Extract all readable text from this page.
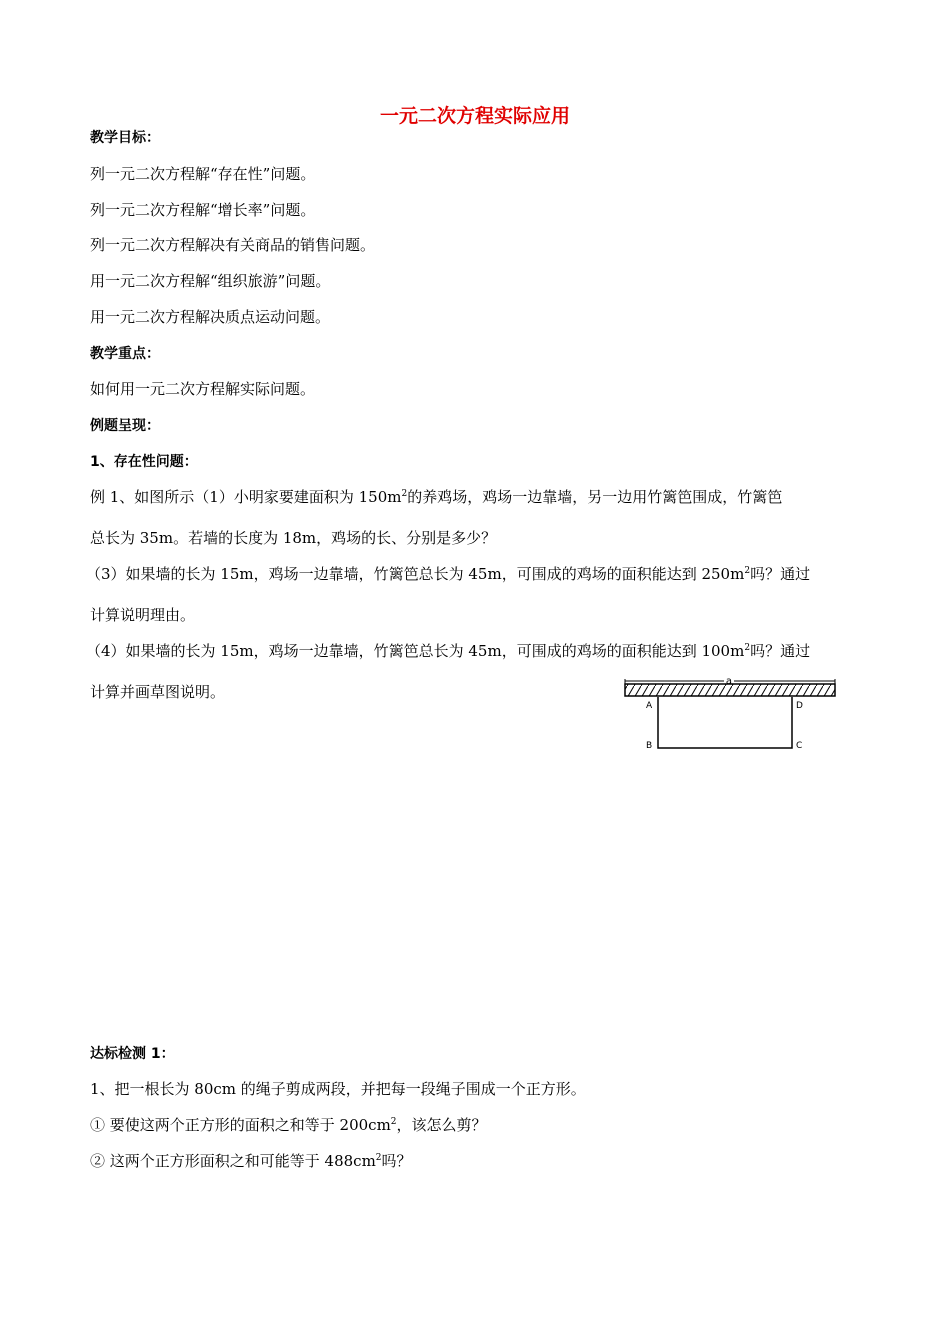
一元二次方程实际应用
教学目标：
列一元二次方程解“存在性”问题。
列一元二次方程解“增长率”问题。
列一元二次方程解决有关商品的销售问题。
用一元二次方程解“组织旅游”问题。
用一元二次方程解决质点运动问题。
教学重点：
如何用一元二次方程解实际问题。
例题呈现：
1、存在性问题：
例 1、如图所示（1）小明家要建面积为 $150m^2$的养鸡场，鸡场一边靠墙，另一边用竹篱笆围成，竹篱笆
总长为 35m。若墙的长度为 18m，鸡场的长、分别是多少？
（3）如果墙的长为 15m，鸡场一边靠墙，竹篱笆总长为 45m，可围成的鸡场的面积能达到 $250m^2$吗？通过
计算说明理由。
（4）如果墙的长为 15m，鸡场一边靠墙，竹篱笆总长为 45m，可围成的鸡场的面积能达到 $100m^2$吗？通过
计算并画草图说明。
a
A
B	C
D
达标检测 1：
1、把一根长为 80cm 的绳子剪成两段，并把每一段绳子围成一个正方形。
① 要使这两个正方形的面积之和等于 $200cm^2$，该怎么剪？
② 这两个正方形面积之和可能等于 $488cm^2$吗？
